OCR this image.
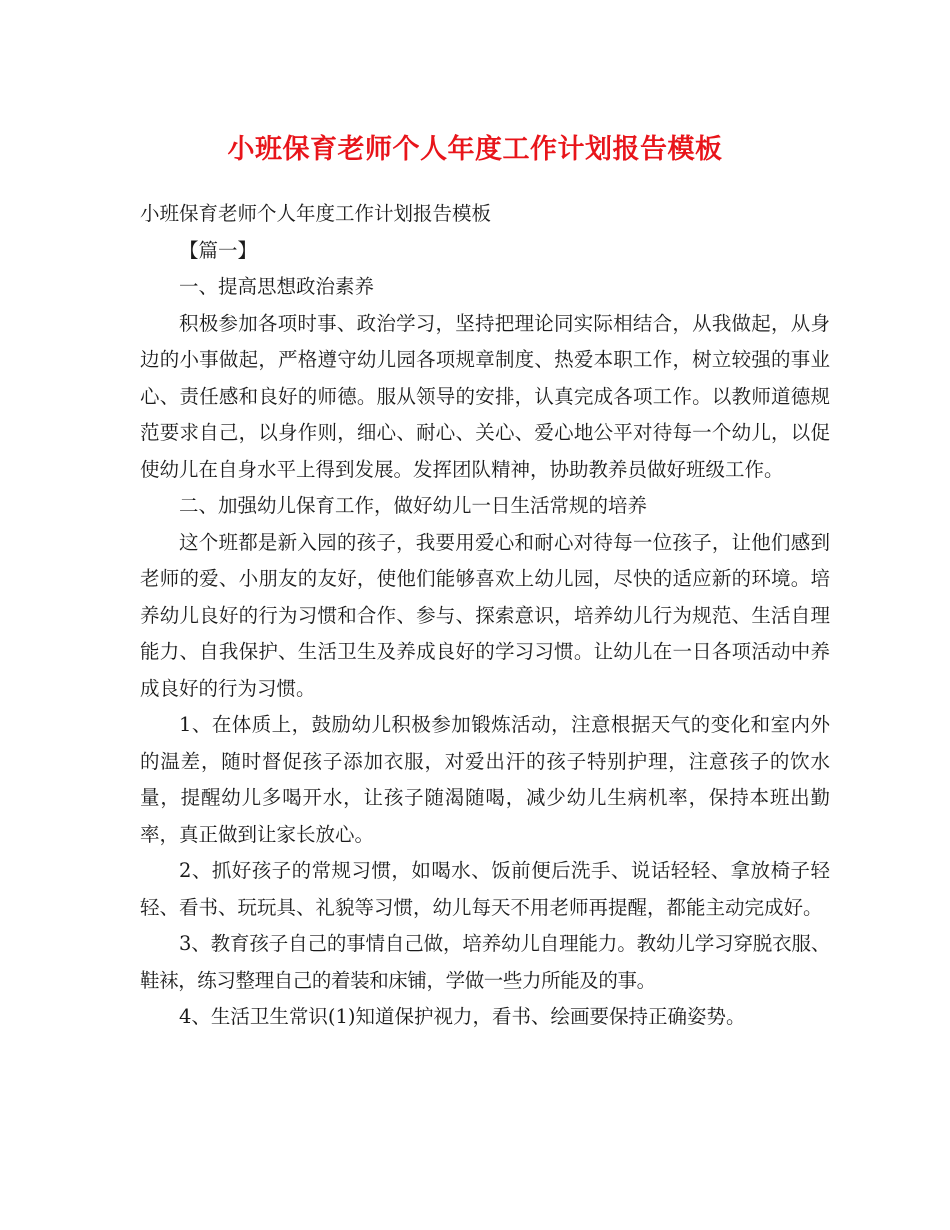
小班保育老师个人年度工作计划报告模板

小班保育老师个人年度工作计划报告模板

【篇一】

一、提高思想政治素养

积极参加各项时事、政治学习，坚持把理论同实际相结合，从我做起，从身边的小事做起，严格遵守幼儿园各项规章制度、热爱本职工作，树立较强的事业心、责任感和良好的师德。服从领导的安排，认真完成各项工作。以教师道德规范要求自己，以身作则，细心、耐心、关心、爱心地公平对待每一个幼儿，以促使幼儿在自身水平上得到发展。发挥团队精神，协助教养员做好班级工作。

二、加强幼儿保育工作，做好幼儿一日生活常规的培养

这个班都是新入园的孩子，我要用爱心和耐心对待每一位孩子，让他们感到老师的爱、小朋友的友好，使他们能够喜欢上幼儿园，尽快的适应新的环境。培养幼儿良好的行为习惯和合作、参与、探索意识，培养幼儿行为规范、生活自理能力、自我保护、生活卫生及养成良好的学习习惯。让幼儿在一日各项活动中养成良好的行为习惯。

1、在体质上，鼓励幼儿积极参加锻炼活动，注意根据天气的变化和室内外的温差，随时督促孩子添加衣服，对爱出汗的孩子特别护理，注意孩子的饮水量，提醒幼儿多喝开水，让孩子随渴随喝，减少幼儿生病机率，保持本班出勤率，真正做到让家长放心。

2、抓好孩子的常规习惯，如喝水、饭前便后洗手、说话轻轻、拿放椅子轻轻、看书、玩玩具、礼貌等习惯，幼儿每天不用老师再提醒，都能主动完成好。

3、教育孩子自己的事情自己做，培养幼儿自理能力。教幼儿学习穿脱衣服、鞋袜，练习整理自己的着装和床铺，学做一些力所能及的事。

4、生活卫生常识(1)知道保护视力，看书、绘画要保持正确姿势。
